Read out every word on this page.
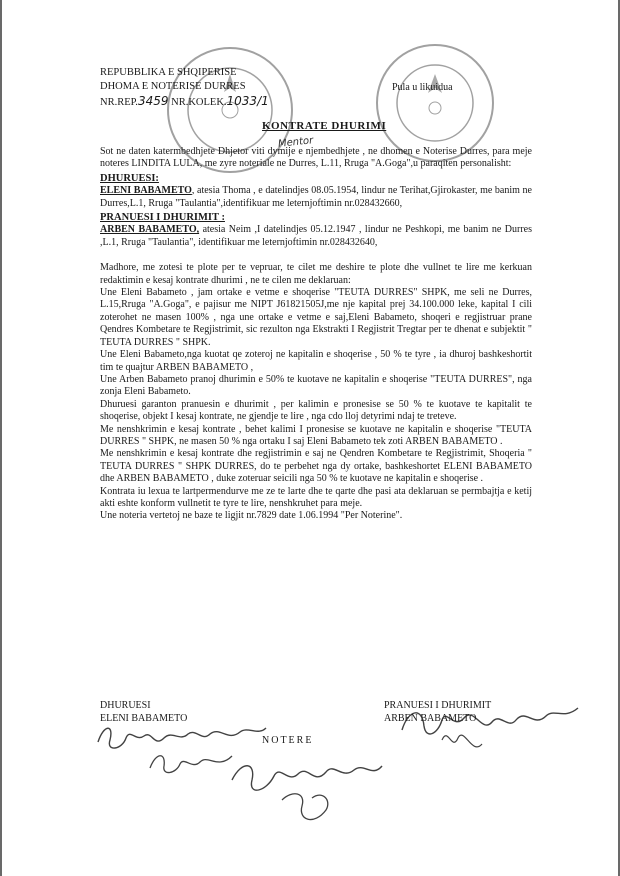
REPUBBLIKA E SHQIPERISE
DHOMA E NOTERISE DURRES
NR.REP.3459 NR.KOLEK.1033/1
Pula u likuidua
KONTRATE DHURIMI
Mentor

Sot ne daten katermbedhjete Dhjetor viti dymije e njembedhjete , ne dhomen e Noterise Durres, para meje noteres LINDITA LULA, me zyre noteriale ne Durres, L.11, Rruga "A.Goga",u paraqiten personalisht:

DHURUESI:

ELENI BABAMETO, atesia Thoma , e datelindjes 08.05.1954, lindur ne Terihat,Gjirokaster, me banim ne Durres,L.1, Rruga "Taulantia",identifikuar me leternjoftimin nr.028432660,

PRANUESI I DHURIMIT :

ARBEN BABAMETO, atesia Neim ,I datelindjes 05.12.1947 , lindur ne Peshkopi, me banim ne Durres ,L.1, Rruga "Taulantia", identifikuar me leternjoftimin nr.028432640,

Madhore, me zotesi te plote per te vepruar, te cilet me deshire te plote dhe vullnet te lire me kerkuan redaktimin e kesaj kontrate dhurimi , ne te cilen me deklaruan:

Une Eleni Babameto , jam ortake e vetme e shoqerise "TEUTA DURRES" SHPK, me seli ne Durres, L.15,Rruga "A.Goga", e pajisur me NIPT J61821505J,me nje kapital prej 34.100.000 leke, kapital I cili zoterohet ne masen 100% , nga une ortake e vetme e saj,Eleni Babameto, shoqeri e regjistruar prane Qendres Kombetare te Regjistrimit, sic rezulton nga Ekstrakti I Regjistrit Tregtar per te dhenat e subjektit " TEUTA DURRES " SHPK.

Une Eleni Babameto,nga kuotat qe zoteroj ne kapitalin e shoqerise , 50 % te tyre , ia dhuroj bashkeshortit tim te quajtur ARBEN BABAMETO ,

Une Arben Babameto pranoj dhurimin e 50% te kuotave ne kapitalin e shoqerise "TEUTA DURRES", nga zonja Eleni Babameto.

Dhuruesi garanton pranuesin e dhurimit , per kalimin e pronesise se 50 % te kuotave te kapitalit te shoqerise, objekt I kesaj kontrate, ne gjendje te lire , nga cdo lloj detyrimi ndaj te treteve.

Me nenshkrimin e kesaj kontrate , behet kalimi I pronesise se kuotave ne kapitalin e shoqerise "TEUTA DURRES " SHPK, ne masen 50 % nga ortaku I saj Eleni Babameto tek zoti ARBEN BABAMETO .

Me nenshkrimin e kesaj kontrate dhe regjistrimin e saj ne Qendren Kombetare te Regjistrimit, Shoqeria " TEUTA DURRES " SHPK DURRES, do te perbehet nga dy ortake, bashkeshortet ELENI BABAMETO dhe ARBEN BABAMETO , duke zoteruar seicili nga 50 % te kuotave ne kapitalin e shoqerise .

Kontrata iu lexua te lartpermendurve me ze te larte dhe te qarte dhe pasi ata deklaruan se permbajtja e ketij akti eshte konform vullnetit te tyre te lire, nenshkruhet para meje.

Une noteria vertetoj ne baze te ligjit nr.7829 date 1.06.1994 "Per Noterine".

DHURUESI
ELENI BABAMETO
PRANUESI I DHURIMIT
ARBEN BABAMETO
NOTERE
